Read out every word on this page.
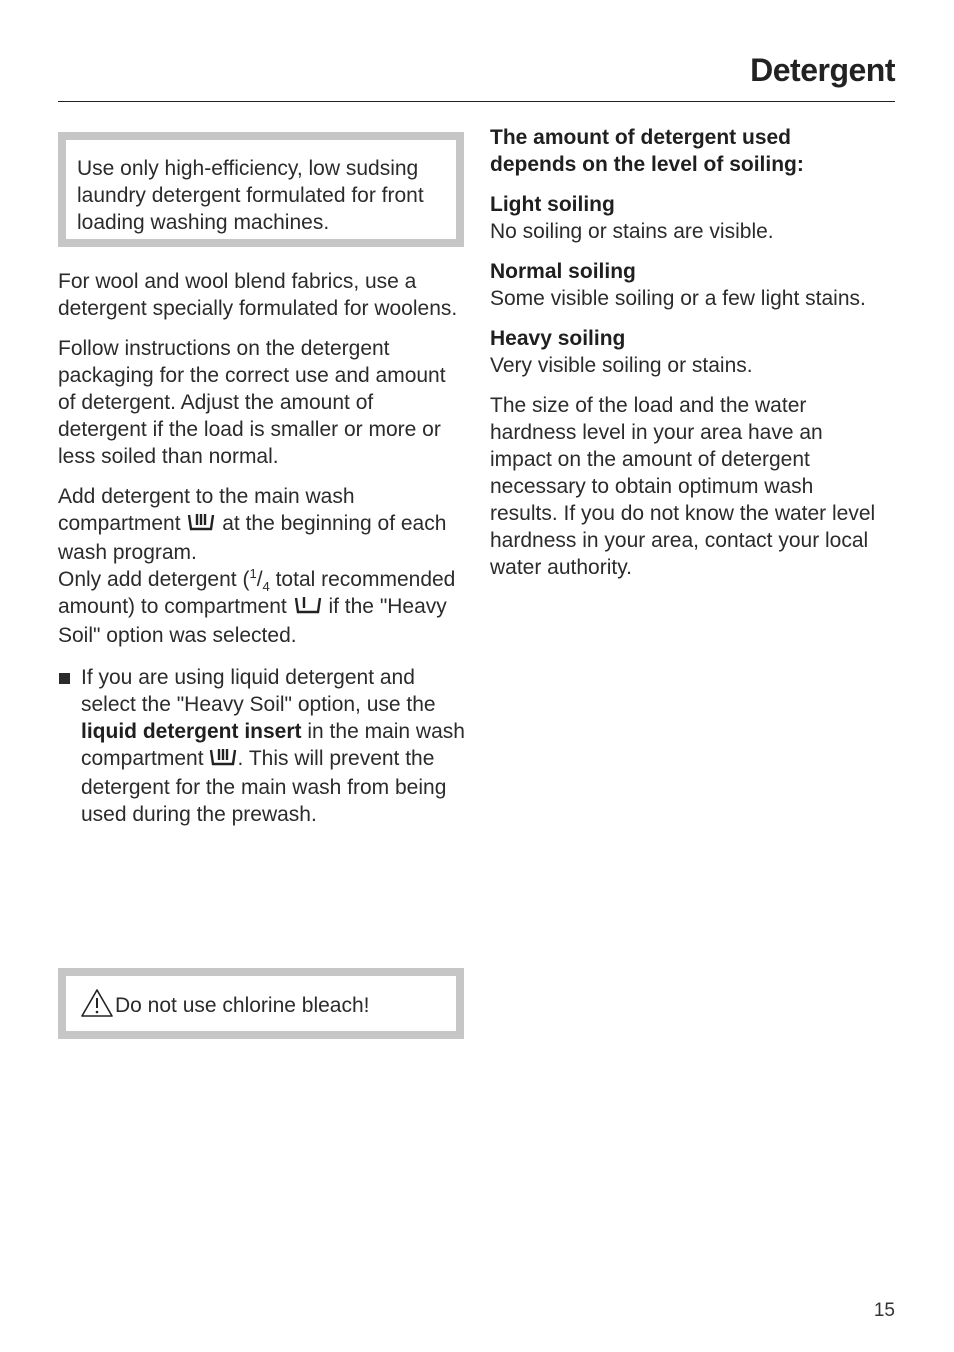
Detergent
Use only high-efficiency, low sudsing laundry detergent formulated for front loading washing machines.

For wool and wool blend fabrics, use a detergent specially formulated for woolens.

Follow instructions on the detergent packaging for the correct use and amount of detergent. Adjust the amount of detergent if the load is smaller or more or less soiled than normal.

Add detergent to the main wash compartment at the beginning of each wash program.

Only add detergent ($^1/_4$ total recommended amount) to compartment if the "Heavy Soil" option was selected.

If you are using liquid detergent and select the "Heavy Soil" option, use the liquid detergent insert in the main wash compartment . This will prevent the detergent for the main wash from being used during the prewash.
Do not use chlorine bleach!

The amount of detergent used depends on the level of soiling:

Light soiling
No soiling or stains are visible.
Normal soiling
Some visible soiling or a few light stains.
Heavy soiling
Very visible soiling or stains.

The size of the load and the water hardness level in your area have an impact on the amount of detergent necessary to obtain optimum wash results. If you do not know the water level hardness in your area, contact your local water authority.

15
